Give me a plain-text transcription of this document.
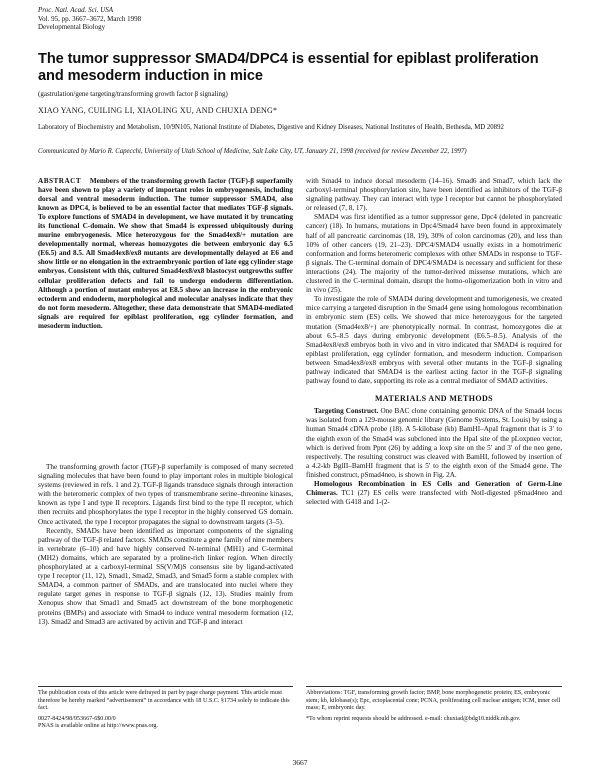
Proc. Natl. Acad. Sci. USA
Vol. 95, pp. 3667–3672, March 1998
Developmental Biology
The tumor suppressor SMAD4/DPC4 is essential for epiblast proliferation and mesoderm induction in mice
(gastrulation/gene targeting/transforming growth factor β signaling)
XIAO YANG, CUILING LI, XIAOLING XU, AND CHUXIA DENG*
Laboratory of Biochemistry and Metabolism, 10/9N105, National Institute of Diabetes, Digestive and Kidney Diseases, National Institutes of Health, Bethesda, MD 20892
Communicated by Mario R. Capecchi, University of Utah School of Medicine, Salt Lake City, UT, January 21, 1998 (received for review December 22, 1997)
ABSTRACT Members of the transforming growth factor (TGF)-β superfamily have been shown to play a variety of important roles in embryogenesis, including dorsal and ventral mesoderm induction. The tumor suppressor SMAD4, also known as DPC4, is believed to be an essential factor that mediates TGF-β signals. To explore functions of SMAD4 in development, we have mutated it by truncating its functional C-domain. We show that Smad4 is expressed ubiquitously during murine embryogenesis. Mice heterozygous for the Smad4ex8/+ mutation are developmentally normal, whereas homozygotes die between embryonic day 6.5 (E6.5) and 8.5. All Smad4ex8/ex8 mutants are developmentally delayed at E6 and show little or no elongation in the extraembryonic portion of late egg cylinder stage embryos. Consistent with this, cultured Smad4ex8/ex8 blastocyst outgrowths suffer cellular proliferation defects and fail to undergo endoderm differentiation. Although a portion of mutant embryos at E8.5 show an increase in the embryonic ectoderm and endoderm, morphological and molecular analyses indicate that they do not form mesoderm. Altogether, these data demonstrate that SMAD4-mediated signals are required for epiblast proliferation, egg cylinder formation, and mesoderm induction.

The transforming growth factor (TGF)-β superfamily is composed of many secreted signaling molecules that have been found to play important roles in multiple biological systems (reviewed in refs. 1 and 2). TGF-β ligands transduce signals through interaction with the heteromeric complex of two types of transmembrane serine–threonine kinases, known as type I and type II receptors. Ligands first bind to the type II receptor, which then recruits and phosphorylates the type I receptor in the highly conserved GS domain. Once activated, the type I receptor propagates the signal to downstream targets (3–5).

Recently, SMADs have been identified as important components of the signaling pathway of the TGF-β related factors. SMADs constitute a gene family of nine members in vertebrate (6–10) and have highly conserved N-terminal (MH1) and C-terminal (MH2) domains, which are separated by a proline-rich linker region. When directly phosphorylated at a carboxyl-terminal SS(V/M)S consensus site by ligand-activated type I receptor (11, 12), Smad1, Smad2, Smad3, and Smad5 form a stable complex with SMAD4, a common partner of SMADs, and are translocated into nuclei where they regulate target genes in response to TGF-β signals (12, 13). Studies mainly from Xenopus show that Smad1 and Smad5 act downstream of the bone morphogenetic proteins (BMPs) and associate with Smad4 to induce ventral mesoderm formation (12, 13). Smad2 and Smad3 are activated by activin and TGF-β and interact

with Smad4 to induce dorsal mesoderm (14–16). Smad6 and Smad7, which lack the carboxyl-terminal phosphorylation site, have been identified as inhibitors of the TGF-β signaling pathway. They can interact with type I receptor but cannot be phosphorylated or released (7, 8, 17).

SMAD4 was first identified as a tumor suppressor gene, Dpc4 (deleted in pancreatic cancer) (18). In humans, mutations in Dpc4/Smad4 have been found in approximately half of all pancreatic carcinomas (18, 19), 30% of colon carcinomas (20), and less than 10% of other cancers (19, 21–23). DPC4/SMAD4 usually exists in a homotrimeric conformation and forms heteromeric complexes with other SMADs in response to TGF-β signals. The C-terminal domain of DPC4/SMAD4 is necessary and sufficient for these interactions (24). The majority of the tumor-derived missense mutations, which are clustered in the C-terminal domain, disrupt the homo-oligomerization both in vitro and in vivo (25).

To investigate the role of SMAD4 during development and tumorigenesis, we created mice carrying a targeted disruption in the Smad4 gene using homologous recombination in embryonic stem (ES) cells. We showed that mice heterozygous for the targeted mutation (Smad4ex8/+) are phenotypically normal. In contrast, homozygotes die at about 6.5–8.5 days during embryonic development (E6.5–8.5). Analysis of the Smad4ex8/ex8 embryos both in vivo and in vitro indicated that SMAD4 is required for epiblast proliferation, egg cylinder formation, and mesoderm induction. Comparison between Smad4ex8/ex8 embryos with several other mutants in the TGF-β signaling pathway indicated that SMAD4 is the earliest acting factor in the TGF-β signaling pathway found to date, supporting its role as a central mediator of SMAD activities.

MATERIALS AND METHODS

Targeting Construct. One BAC clone containing genomic DNA of the Smad4 locus was isolated from a 129-mouse genomic library (Genome Systems, St. Louis) by using a human Smad4 cDNA probe (18). A 5-kilobase (kb) BamHI–ApaI fragment that is 3′ to the eighth exon of the Smad4 was subcloned into the HpaI site of the pLoxpneo vector, which is derived from Ppnt (26) by adding a loxp site on the 5′ and 3′ of the neo gene, respectively. The resulting construct was cleaved with BamHI, followed by insertion of a 4.2-kb BglII–BamHI fragment that is 5′ to the eighth exon of the Smad4 gene. The finished construct, pSmad4neo, is shown in Fig. 2A.

Homologous Recombination in ES Cells and Generation of Germ-Line Chimeras. TC1 (27) ES cells were transfected with NotI-digested pSmad4neo and selected with G418 and 1-(2-

The publication costs of this article were defrayed in part by page charge payment. This article must therefore be hereby marked “advertisement” in accordance with 18 U.S.C. §1734 solely to indicate this fact.
0027-8424/98/953667-6$0.00/0
PNAS is available online at http://www.pnas.org.
Abbreviations: TGF, transforming growth factor; BMP, bone morphogenetic protein; ES, embryonic stem; kb, kilobase(s); Epc, ectoplacental cone; PCNA, proliferating cell nuclear antigen; ICM, inner cell mass; E, embryonic day.
*To whom reprint requests should be addressed. e-mail: chuxiad@bdg10.niddk.nih.gov.
3667
